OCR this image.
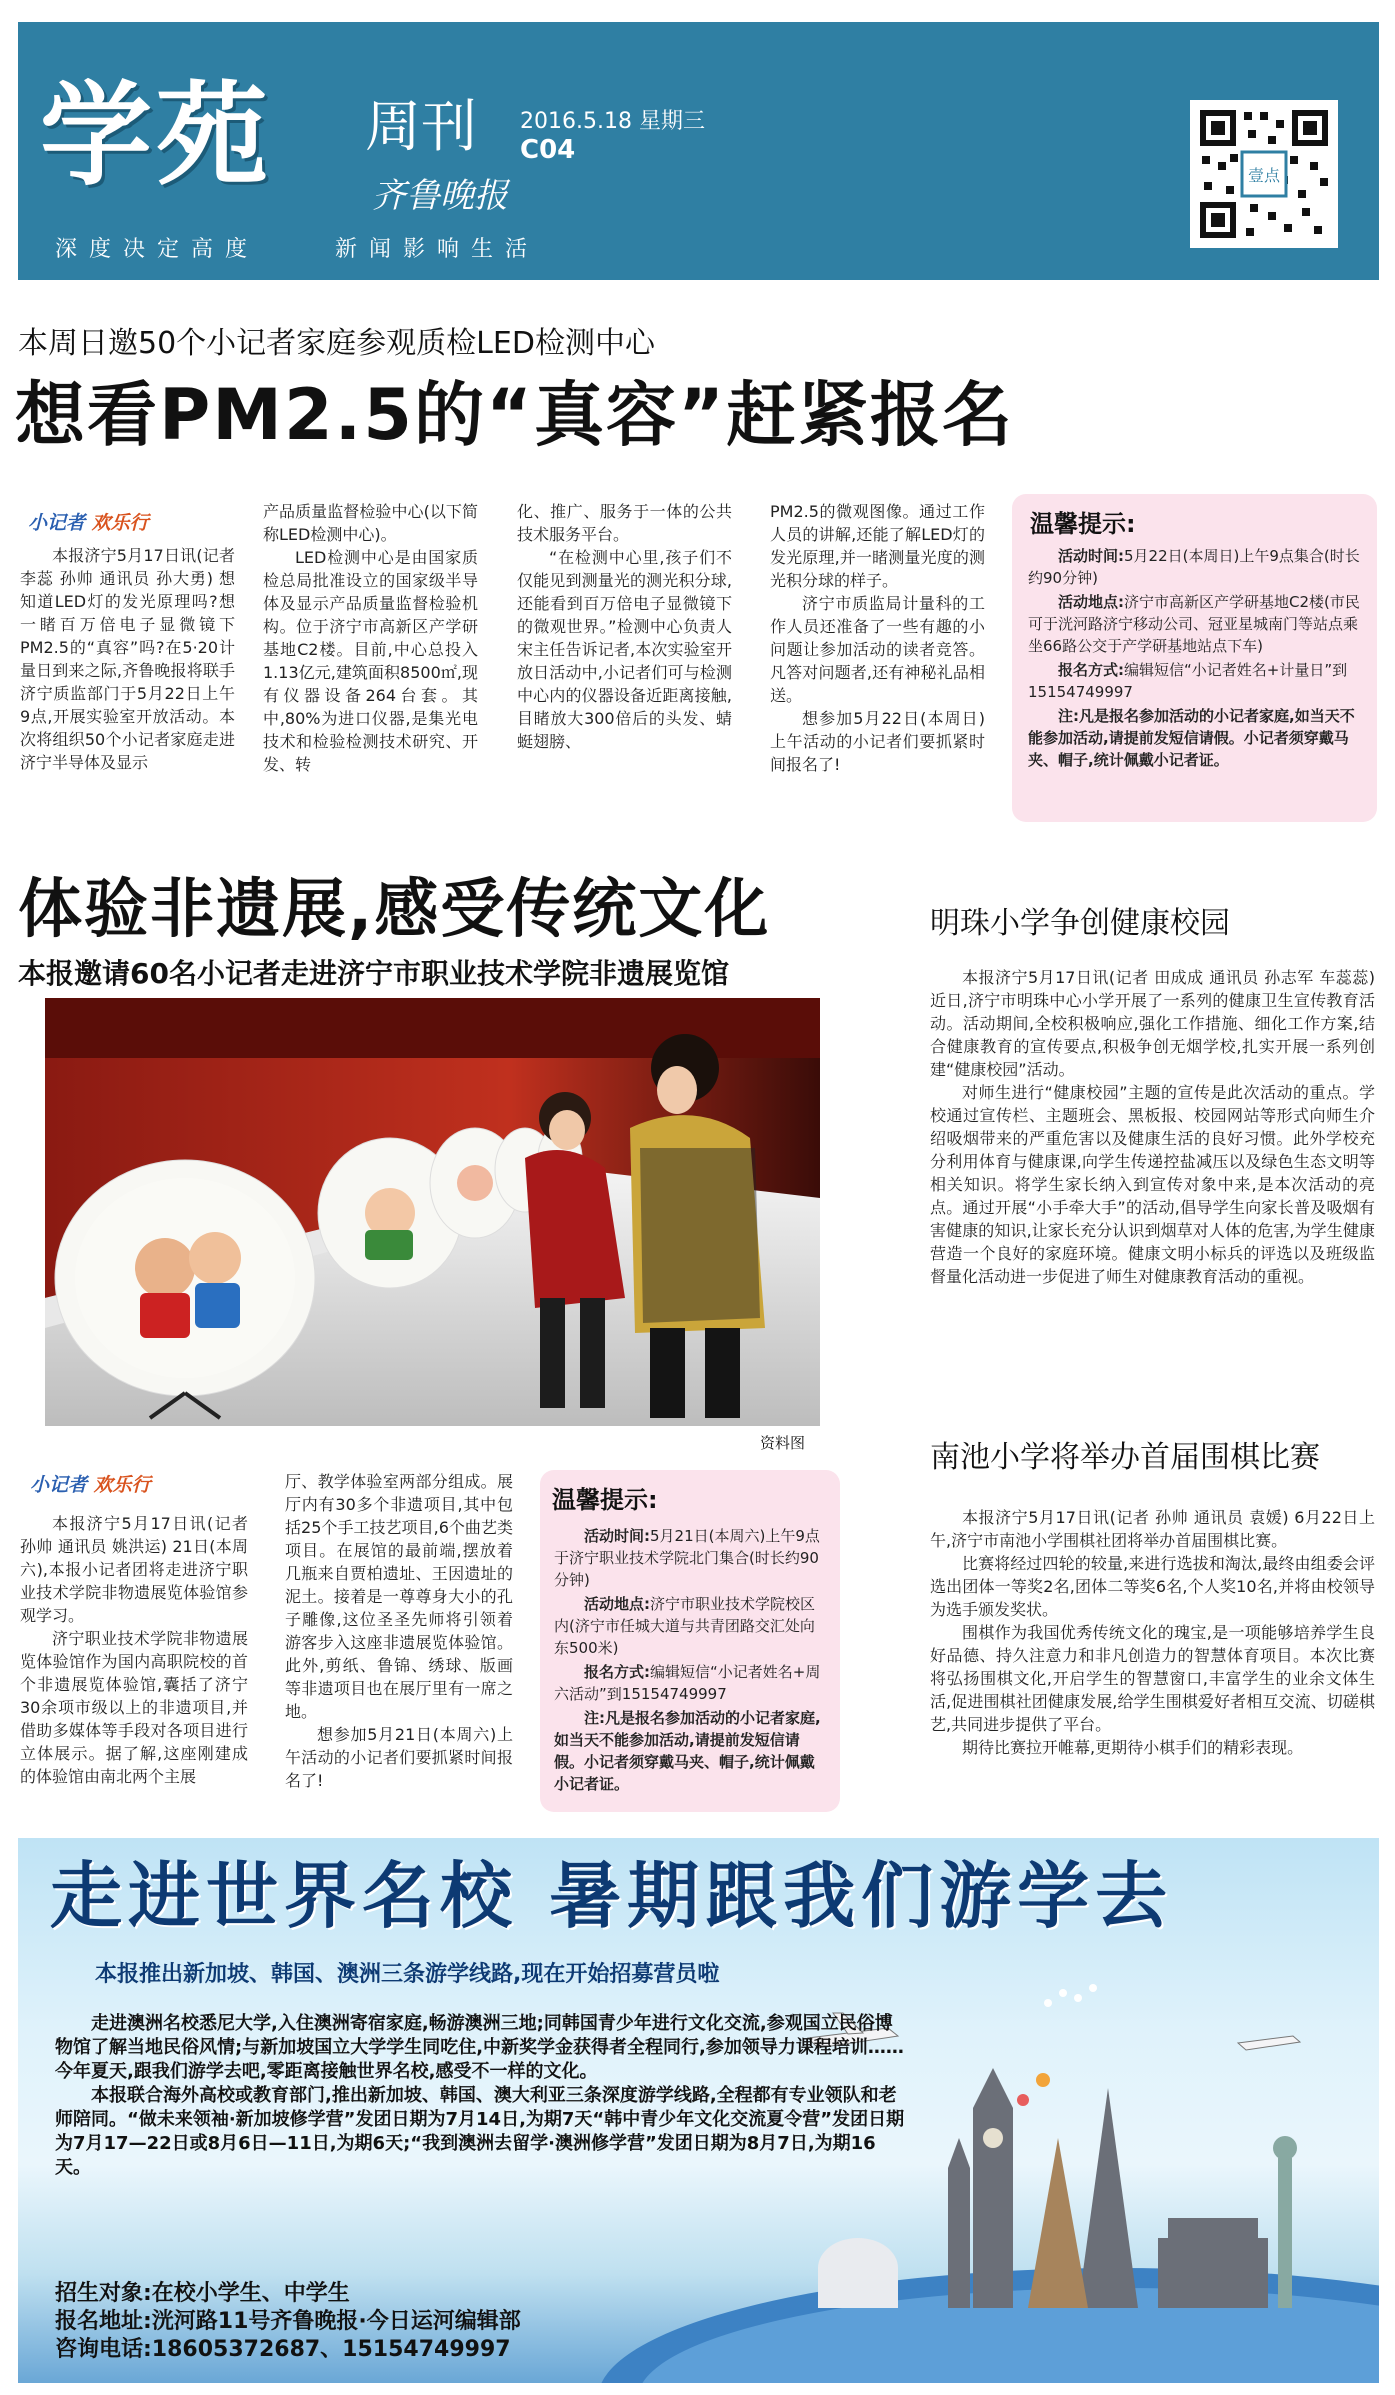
学苑 周刊
齐鲁晚报
2016.5.18 星期三
C04
深度决定高度    新闻影响生活
壹点
本周日邀50个小记者家庭参观质检LED检测中心
想看PM2.5的“真容”赶紧报名
小记者 欢乐行

本报济宁5月17日讯(记者 李蕊 孙帅 通讯员 孙大勇) 想知道LED灯的发光原理吗?想一睹百万倍电子显微镜下PM2.5的“真容”吗?在5·20计量日到来之际,齐鲁晚报将联手济宁质监部门于5月22日上午9点,开展实验室开放活动。本次将组织50个小记者家庭走进济宁半导体及显示

产品质量监督检验中心(以下简称LED检测中心)。

LED检测中心是由国家质检总局批准设立的国家级半导体及显示产品质量监督检验机构。位于济宁市高新区产学研基地C2楼。目前,中心总投入1.13亿元,建筑面积8500㎡,现有仪器设备264台套。其中,80%为进口仪器,是集光电技术和检验检测技术研究、开发、转

化、推广、服务于一体的公共技术服务平台。

“在检测中心里,孩子们不仅能见到测量光的测光积分球,还能看到百万倍电子显微镜下的微观世界。”检测中心负责人宋主任告诉记者,本次实验室开放日活动中,小记者们可与检测中心内的仪器设备近距离接触,目睹放大300倍后的头发、蜻蜓翅膀、

PM2.5的微观图像。通过工作人员的讲解,还能了解LED灯的发光原理,并一睹测量光度的测光积分球的样子。

济宁市质监局计量科的工作人员还准备了一些有趣的小问题让参加活动的读者竞答。凡答对问题者,还有神秘礼品相送。

想参加5月22日(本周日)上午活动的小记者们要抓紧时间报名了!

温馨提示:

活动时间:5月22日(本周日)上午9点集合(时长约90分钟)

活动地点:济宁市高新区产学研基地C2楼(市民可于洸河路济宁移动公司、冠亚星城南门等站点乘坐66路公交于产学研基地站点下车)

报名方式:编辑短信“小记者姓名+计量日”到15154749997

注:凡是报名参加活动的小记者家庭,如当天不能参加活动,请提前发短信请假。小记者须穿戴马夹、帽子,统计佩戴小记者证。

体验非遗展,感受传统文化
本报邀请60名小记者走进济宁市职业技术学院非遗展览馆
资料图
小记者 欢乐行

本报济宁5月17日讯(记者 孙帅 通讯员 姚洪运) 21日(本周六),本报小记者团将走进济宁职业技术学院非物遗展览体验馆参观学习。

济宁职业技术学院非物遗展览体验馆作为国内高职院校的首个非遗展览体验馆,囊括了济宁30余项市级以上的非遗项目,并借助多媒体等手段对各项目进行立体展示。据了解,这座刚建成的体验馆由南北两个主展

厅、教学体验室两部分组成。展厅内有30多个非遗项目,其中包括25个手工技艺项目,6个曲艺类项目。在展馆的最前端,摆放着几瓶来自贾柏遗址、王因遗址的泥土。接着是一尊尊身大小的孔子雕像,这位圣圣先师将引领着游客步入这座非遗展览体验馆。此外,剪纸、鲁锦、绣球、版画等非遗项目也在展厅里有一席之地。

想参加5月21日(本周六)上午活动的小记者们要抓紧时间报名了!

温馨提示:

活动时间:5月21日(本周六)上午9点于济宁职业技术学院北门集合(时长约90分钟)

活动地点:济宁市职业技术学院校区内(济宁市任城大道与共青团路交汇处向东500米)

报名方式:编辑短信“小记者姓名+周六活动”到15154749997

注:凡是报名参加活动的小记者家庭,如当天不能参加活动,请提前发短信请假。小记者须穿戴马夹、帽子,统计佩戴小记者证。

明珠小学争创健康校园

本报济宁5月17日讯(记者 田成成 通讯员 孙志军 车蕊蕊) 近日,济宁市明珠中心小学开展了一系列的健康卫生宣传教育活动。活动期间,全校积极响应,强化工作措施、细化工作方案,结合健康教育的宣传要点,积极争创无烟学校,扎实开展一系列创建“健康校园”活动。

对师生进行“健康校园”主题的宣传是此次活动的重点。学校通过宣传栏、主题班会、黑板报、校园网站等形式向师生介绍吸烟带来的严重危害以及健康生活的良好习惯。此外学校充分利用体育与健康课,向学生传递控盐减压以及绿色生态文明等相关知识。将学生家长纳入到宣传对象中来,是本次活动的亮点。通过开展“小手牵大手”的活动,倡导学生向家长普及吸烟有害健康的知识,让家长充分认识到烟草对人体的危害,为学生健康营造一个良好的家庭环境。健康文明小标兵的评选以及班级监督量化活动进一步促进了师生对健康教育活动的重视。

南池小学将举办首届围棋比赛

本报济宁5月17日讯(记者 孙帅 通讯员 袁媛) 6月22日上午,济宁市南池小学围棋社团将举办首届围棋比赛。

比赛将经过四轮的较量,来进行选拔和淘汰,最终由组委会评选出团体一等奖2名,团体二等奖6名,个人奖10名,并将由校领导为选手颁发奖状。

围棋作为我国优秀传统文化的瑰宝,是一项能够培养学生良好品德、持久注意力和非凡创造力的智慧体育项目。本次比赛将弘扬围棋文化,开启学生的智慧窗口,丰富学生的业余文体生活,促进围棋社团健康发展,给学生围棋爱好者相互交流、切磋棋艺,共同进步提供了平台。

期待比赛拉开帷幕,更期待小棋手们的精彩表现。

走进世界名校 暑期跟我们游学去
本报推出新加坡、韩国、澳洲三条游学线路,现在开始招募营员啦

走进澳洲名校悉尼大学,入住澳洲寄宿家庭,畅游澳洲三地;同韩国青少年进行文化交流,参观国立民俗博物馆了解当地民俗风情;与新加坡国立大学学生同吃住,中新奖学金获得者全程同行,参加领导力课程培训……今年夏天,跟我们游学去吧,零距离接触世界名校,感受不一样的文化。

本报联合海外高校或教育部门,推出新加坡、韩国、澳大利亚三条深度游学线路,全程都有专业领队和老师陪同。“做未来领袖·新加坡修学营”发团日期为7月14日,为期7天“韩中青少年文化交流夏令营”发团日期为7月17—22日或8月6日—11日,为期6天;“我到澳洲去留学·澳洲修学营”发团日期为8月7日,为期16天。

招生对象:在校小学生、中学生
报名地址:洸河路11号齐鲁晚报·今日运河编辑部
咨询电话:18605372687、15154749997
